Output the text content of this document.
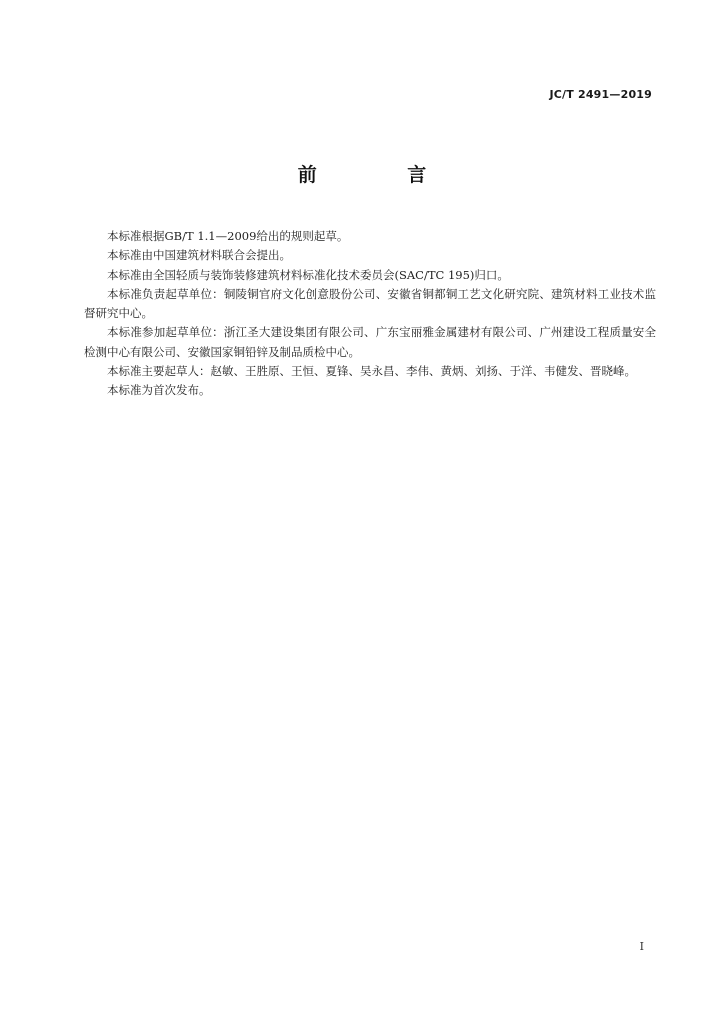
JC/T 2491—2019
前 言

本标准根据GB/T 1.1—2009给出的规则起草。

本标准由中国建筑材料联合会提出。

本标准由全国轻质与装饰装修建筑材料标准化技术委员会(SAC/TC 195)归口。

本标准负责起草单位：铜陵铜官府文化创意股份公司、安徽省铜都铜工艺文化研究院、建筑材料工业技术监督研究中心。

本标准参加起草单位：浙江圣大建设集团有限公司、广东宝丽雅金属建材有限公司、广州建设工程质量安全检测中心有限公司、安徽国家铜铅锌及制品质检中心。

本标准主要起草人：赵敏、王胜原、王恒、夏锋、吴永昌、李伟、黄炳、刘扬、于洋、韦健发、晋晓峰。

本标准为首次发布。

I
